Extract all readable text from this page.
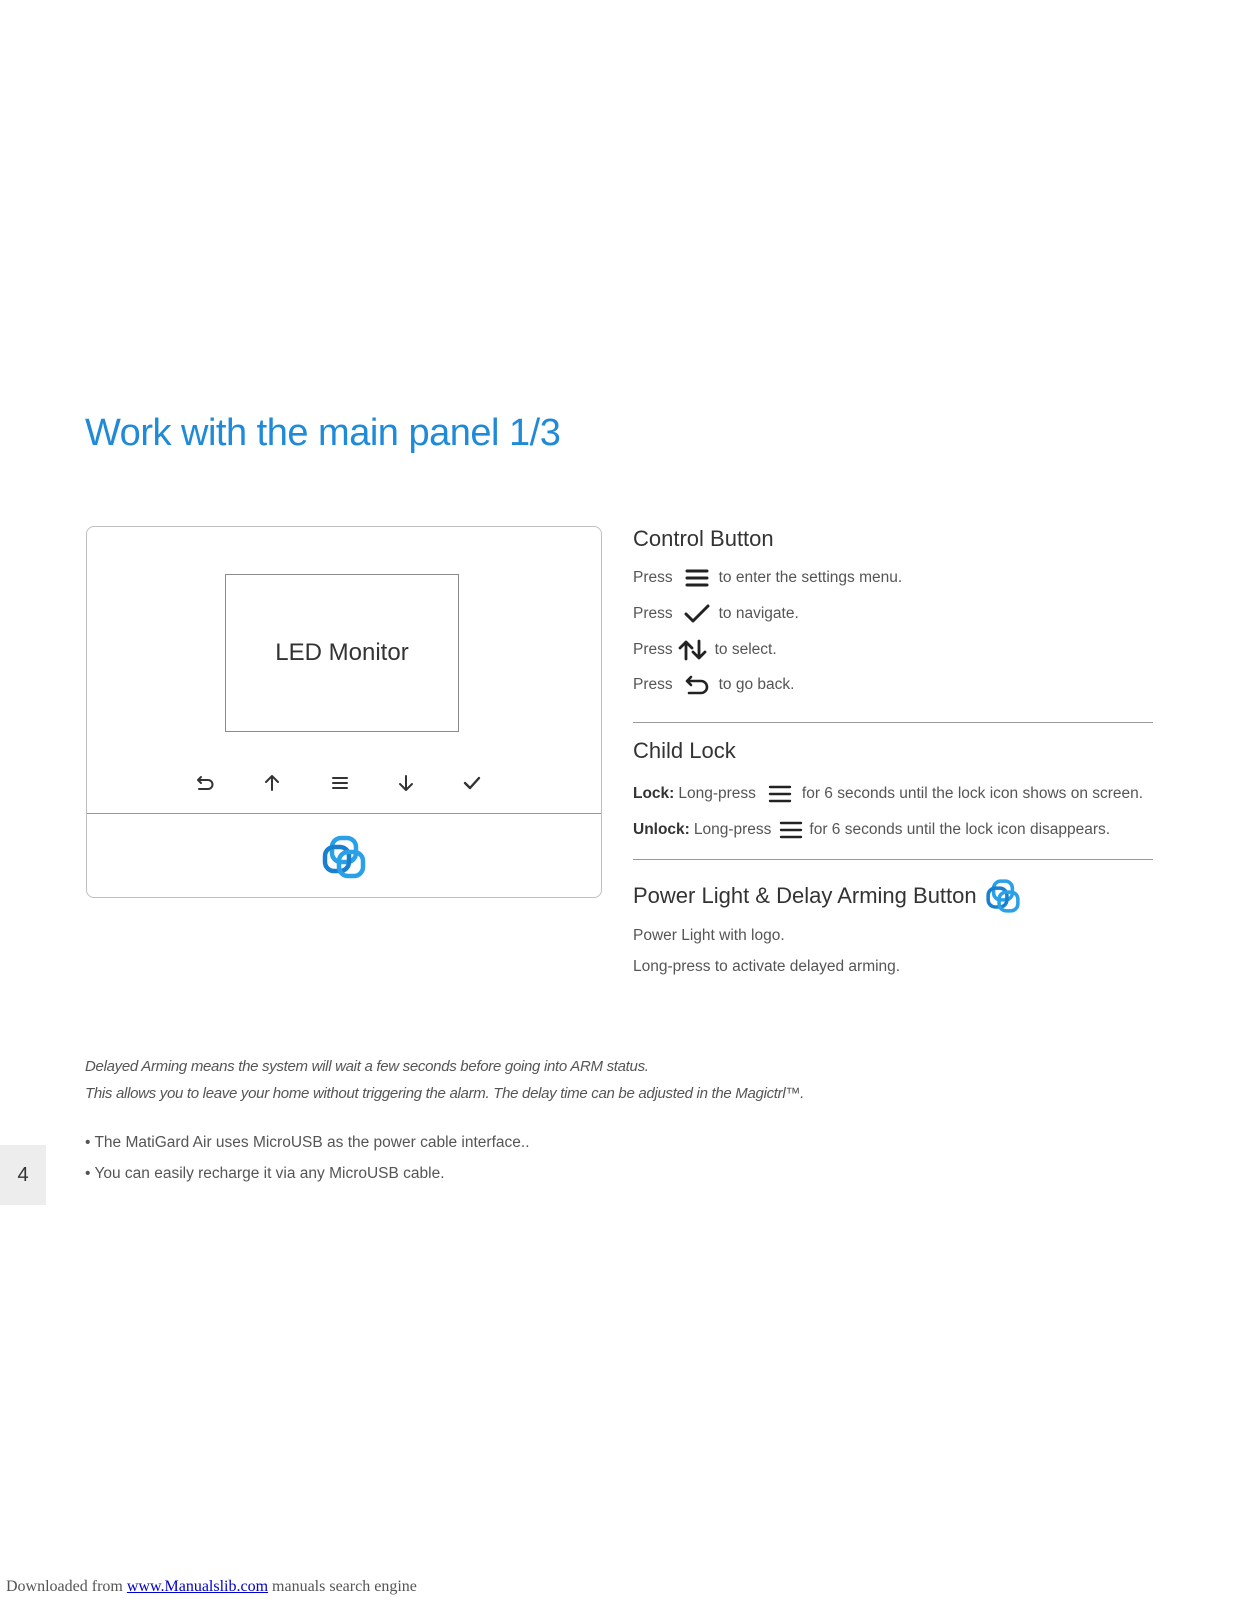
Work with the main panel 1/3
LED Monitor
Control Button
Press	to enter the settings menu.
Press	to navigate.
Press	to select.
Press	to go back.
Child Lock
Lock: Long-press	for 6 seconds until the lock icon shows on screen.
Unlock: Long-press for 6 seconds until the lock icon disappears.
Power Light & Delay Arming Button
Power Light with logo.
Long-press to activate delayed arming.
Delayed Arming means the system will wait a few seconds before going into ARM status.
This allows you to leave your home without triggering the alarm. The delay time can be adjusted in the Magictrl™.
• The MatiGard Air uses MicroUSB as the power cable interface..
• You can easily recharge it via any MicroUSB cable.
4
Downloaded from www.Manualslib.com manuals search engine
